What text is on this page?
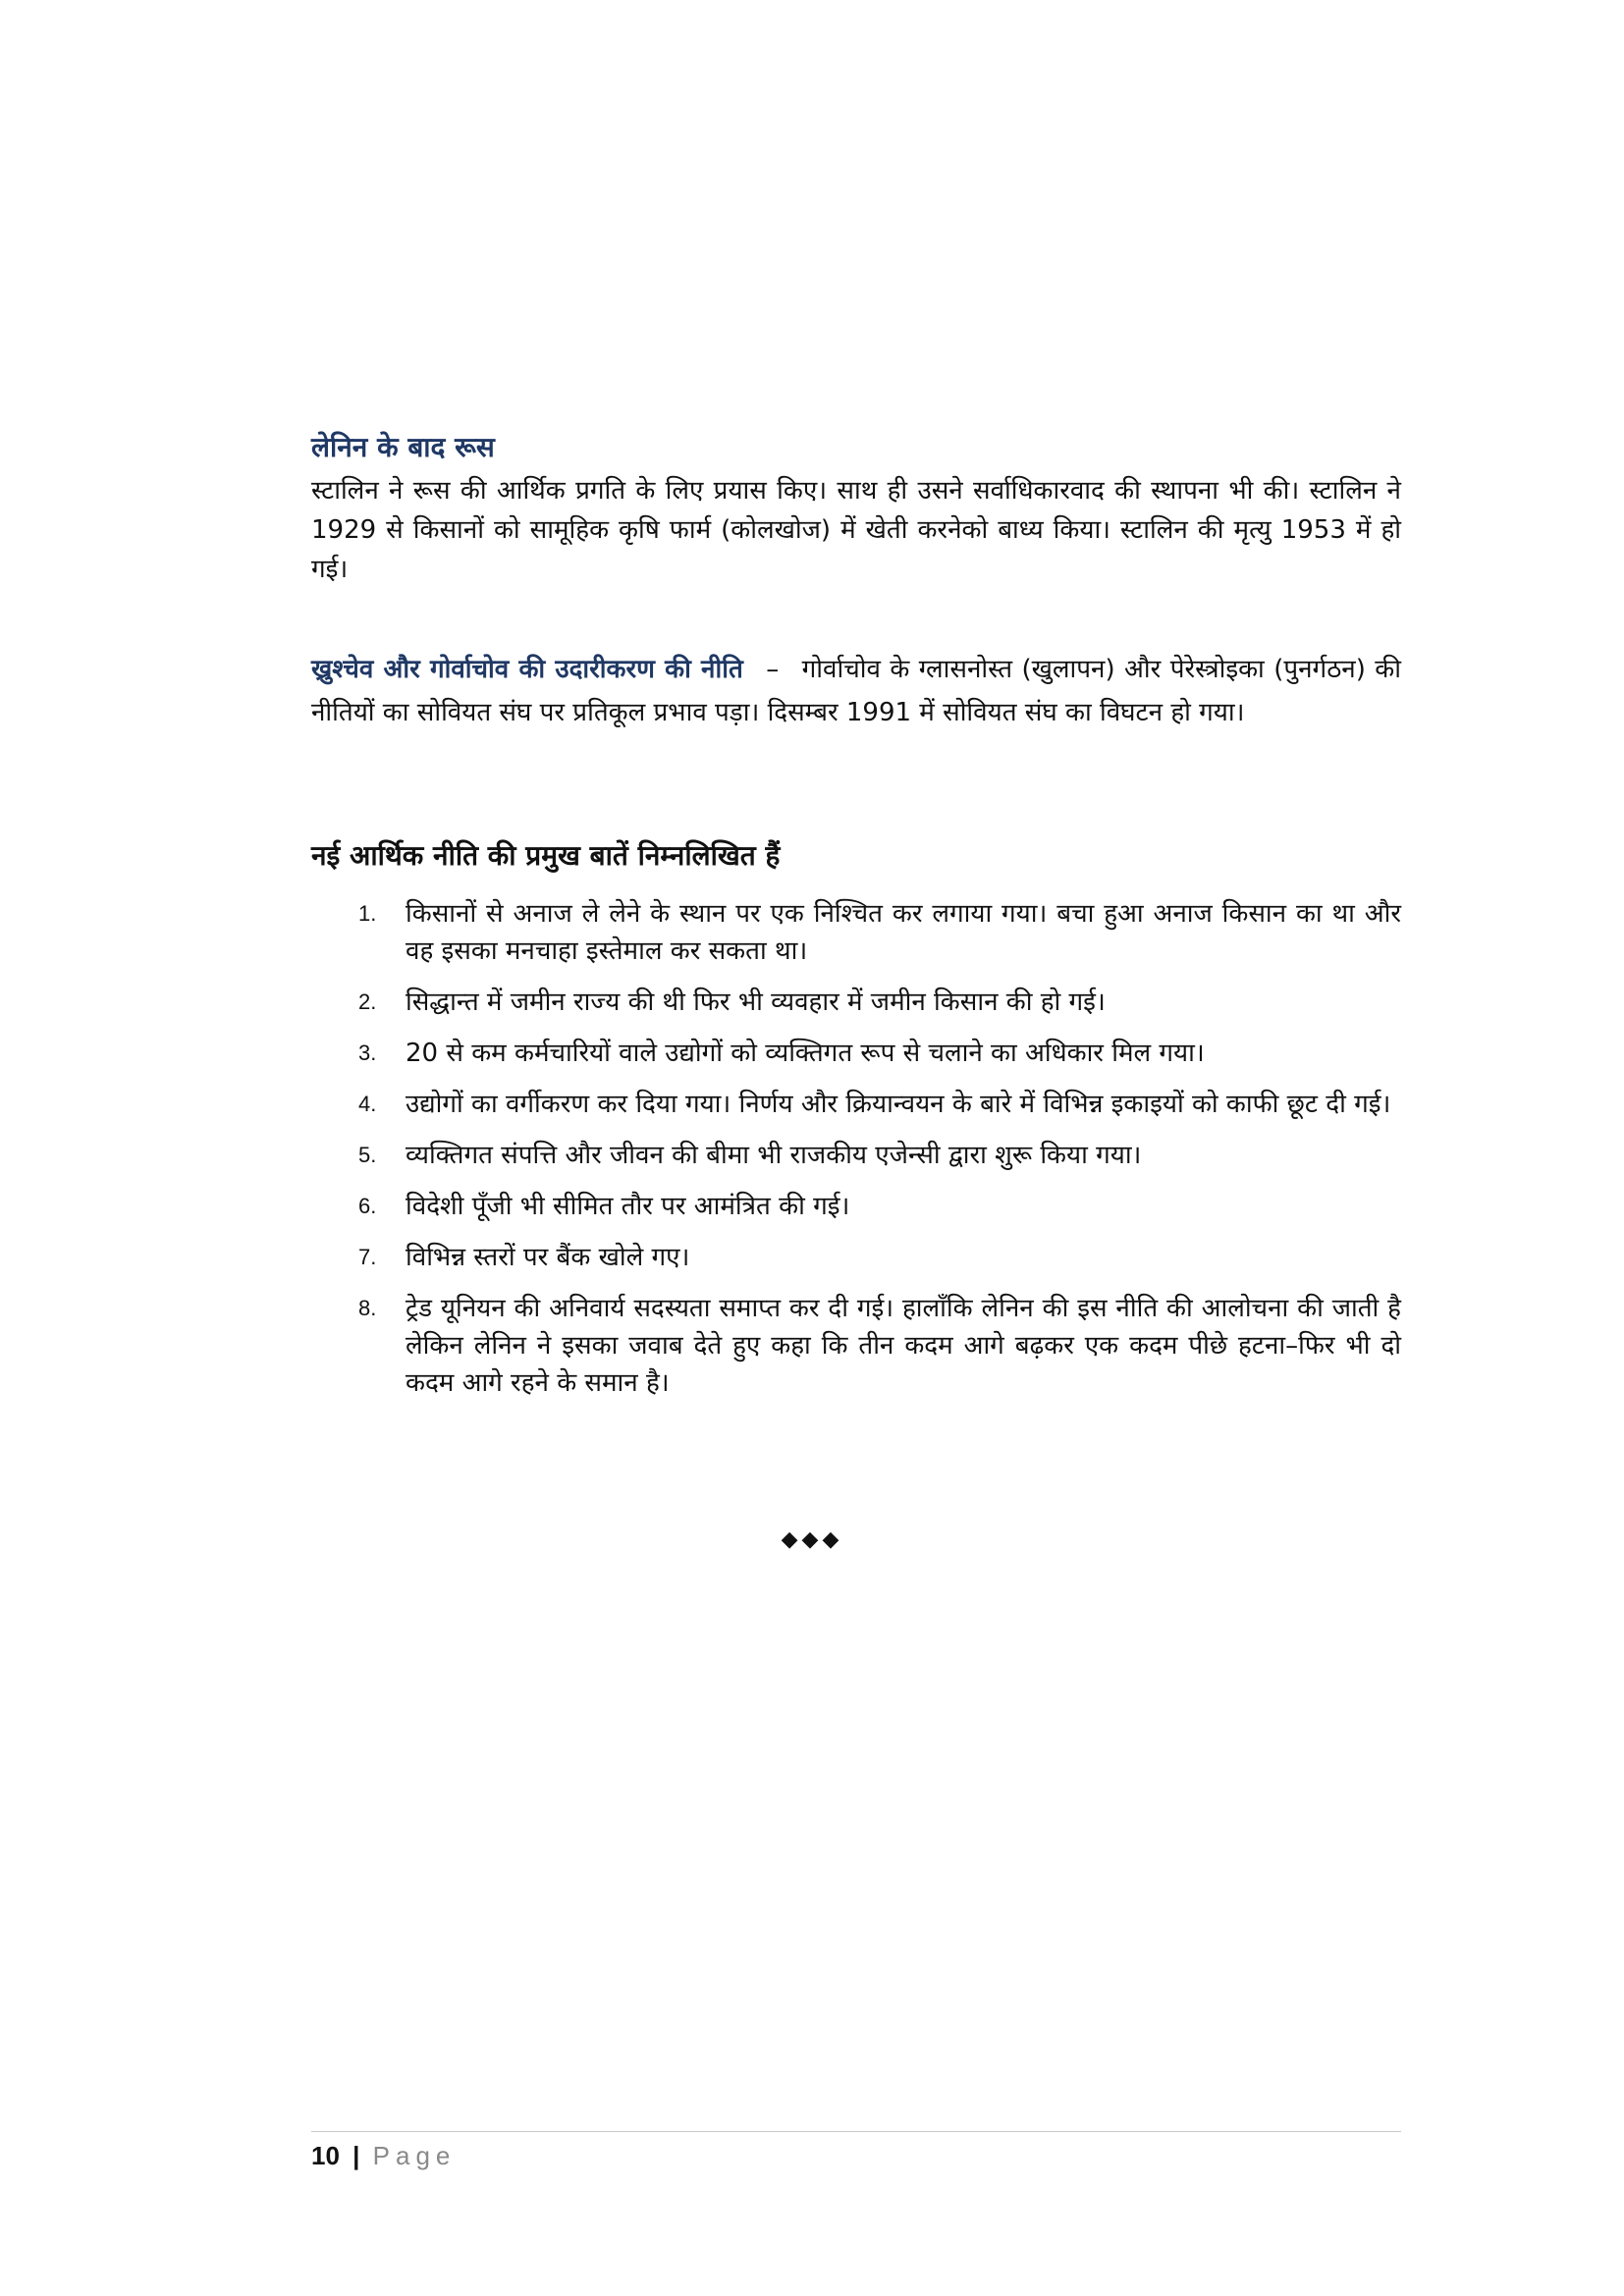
लेनिन के बाद रूस
स्टालिन ने रूस की आर्थिक प्रगति के लिए प्रयास किए। साथ ही उसने सर्वाधिकारवाद की स्थापना भी की। स्टालिन ने 1929 से किसानों को सामूहिक कृषि फार्म (कोलखोज) में खेती करनेको बाध्य किया। स्टालिन की मृत्यु 1953 में हो गई।
ख्रुश्चेव और गोर्वाचोव की उदारीकरण की नीति – गोर्वाचोव के ग्लासनोस्त (खुलापन) और पेरेस्त्रोइका (पुनर्गठन) की नीतियों का सोवियत संघ पर प्रतिकूल प्रभाव पड़ा। दिसम्बर 1991 में सोवियत संघ का विघटन हो गया।
नई आर्थिक नीति की प्रमुख बातें निम्नलिखित हैं
1. किसानों से अनाज ले लेने के स्थान पर एक निश्चित कर लगाया गया। बचा हुआ अनाज किसान का था और वह इसका मनचाहा इस्तेमाल कर सकता था।
2. सिद्धान्त में जमीन राज्य की थी फिर भी व्यवहार में जमीन किसान की हो गई।
3. 20 से कम कर्मचारियों वाले उद्योगों को व्यक्तिगत रूप से चलाने का अधिकार मिल गया।
4. उद्योगों का वर्गीकरण कर दिया गया। निर्णय और क्रियान्वयन के बारे में विभिन्न इकाइयों को काफी छूट दी गई।
5. व्यक्तिगत संपत्ति और जीवन की बीमा भी राजकीय एजेन्सी द्वारा शुरू किया गया।
6. विदेशी पूँजी भी सीमित तौर पर आमंत्रित की गई।
7. विभिन्न स्तरों पर बैंक खोले गए।
8. ट्रेड यूनियन की अनिवार्य सदस्यता समाप्त कर दी गई। हालाँकि लेनिन की इस नीति की आलोचना की जाती है लेकिन लेनिन ने इसका जवाब देते हुए कहा कि तीन कदम आगे बढ़कर एक कदम पीछे हटना–फिर भी दो कदम आगे रहने के समान है।
◆◆◆
10 | Page
